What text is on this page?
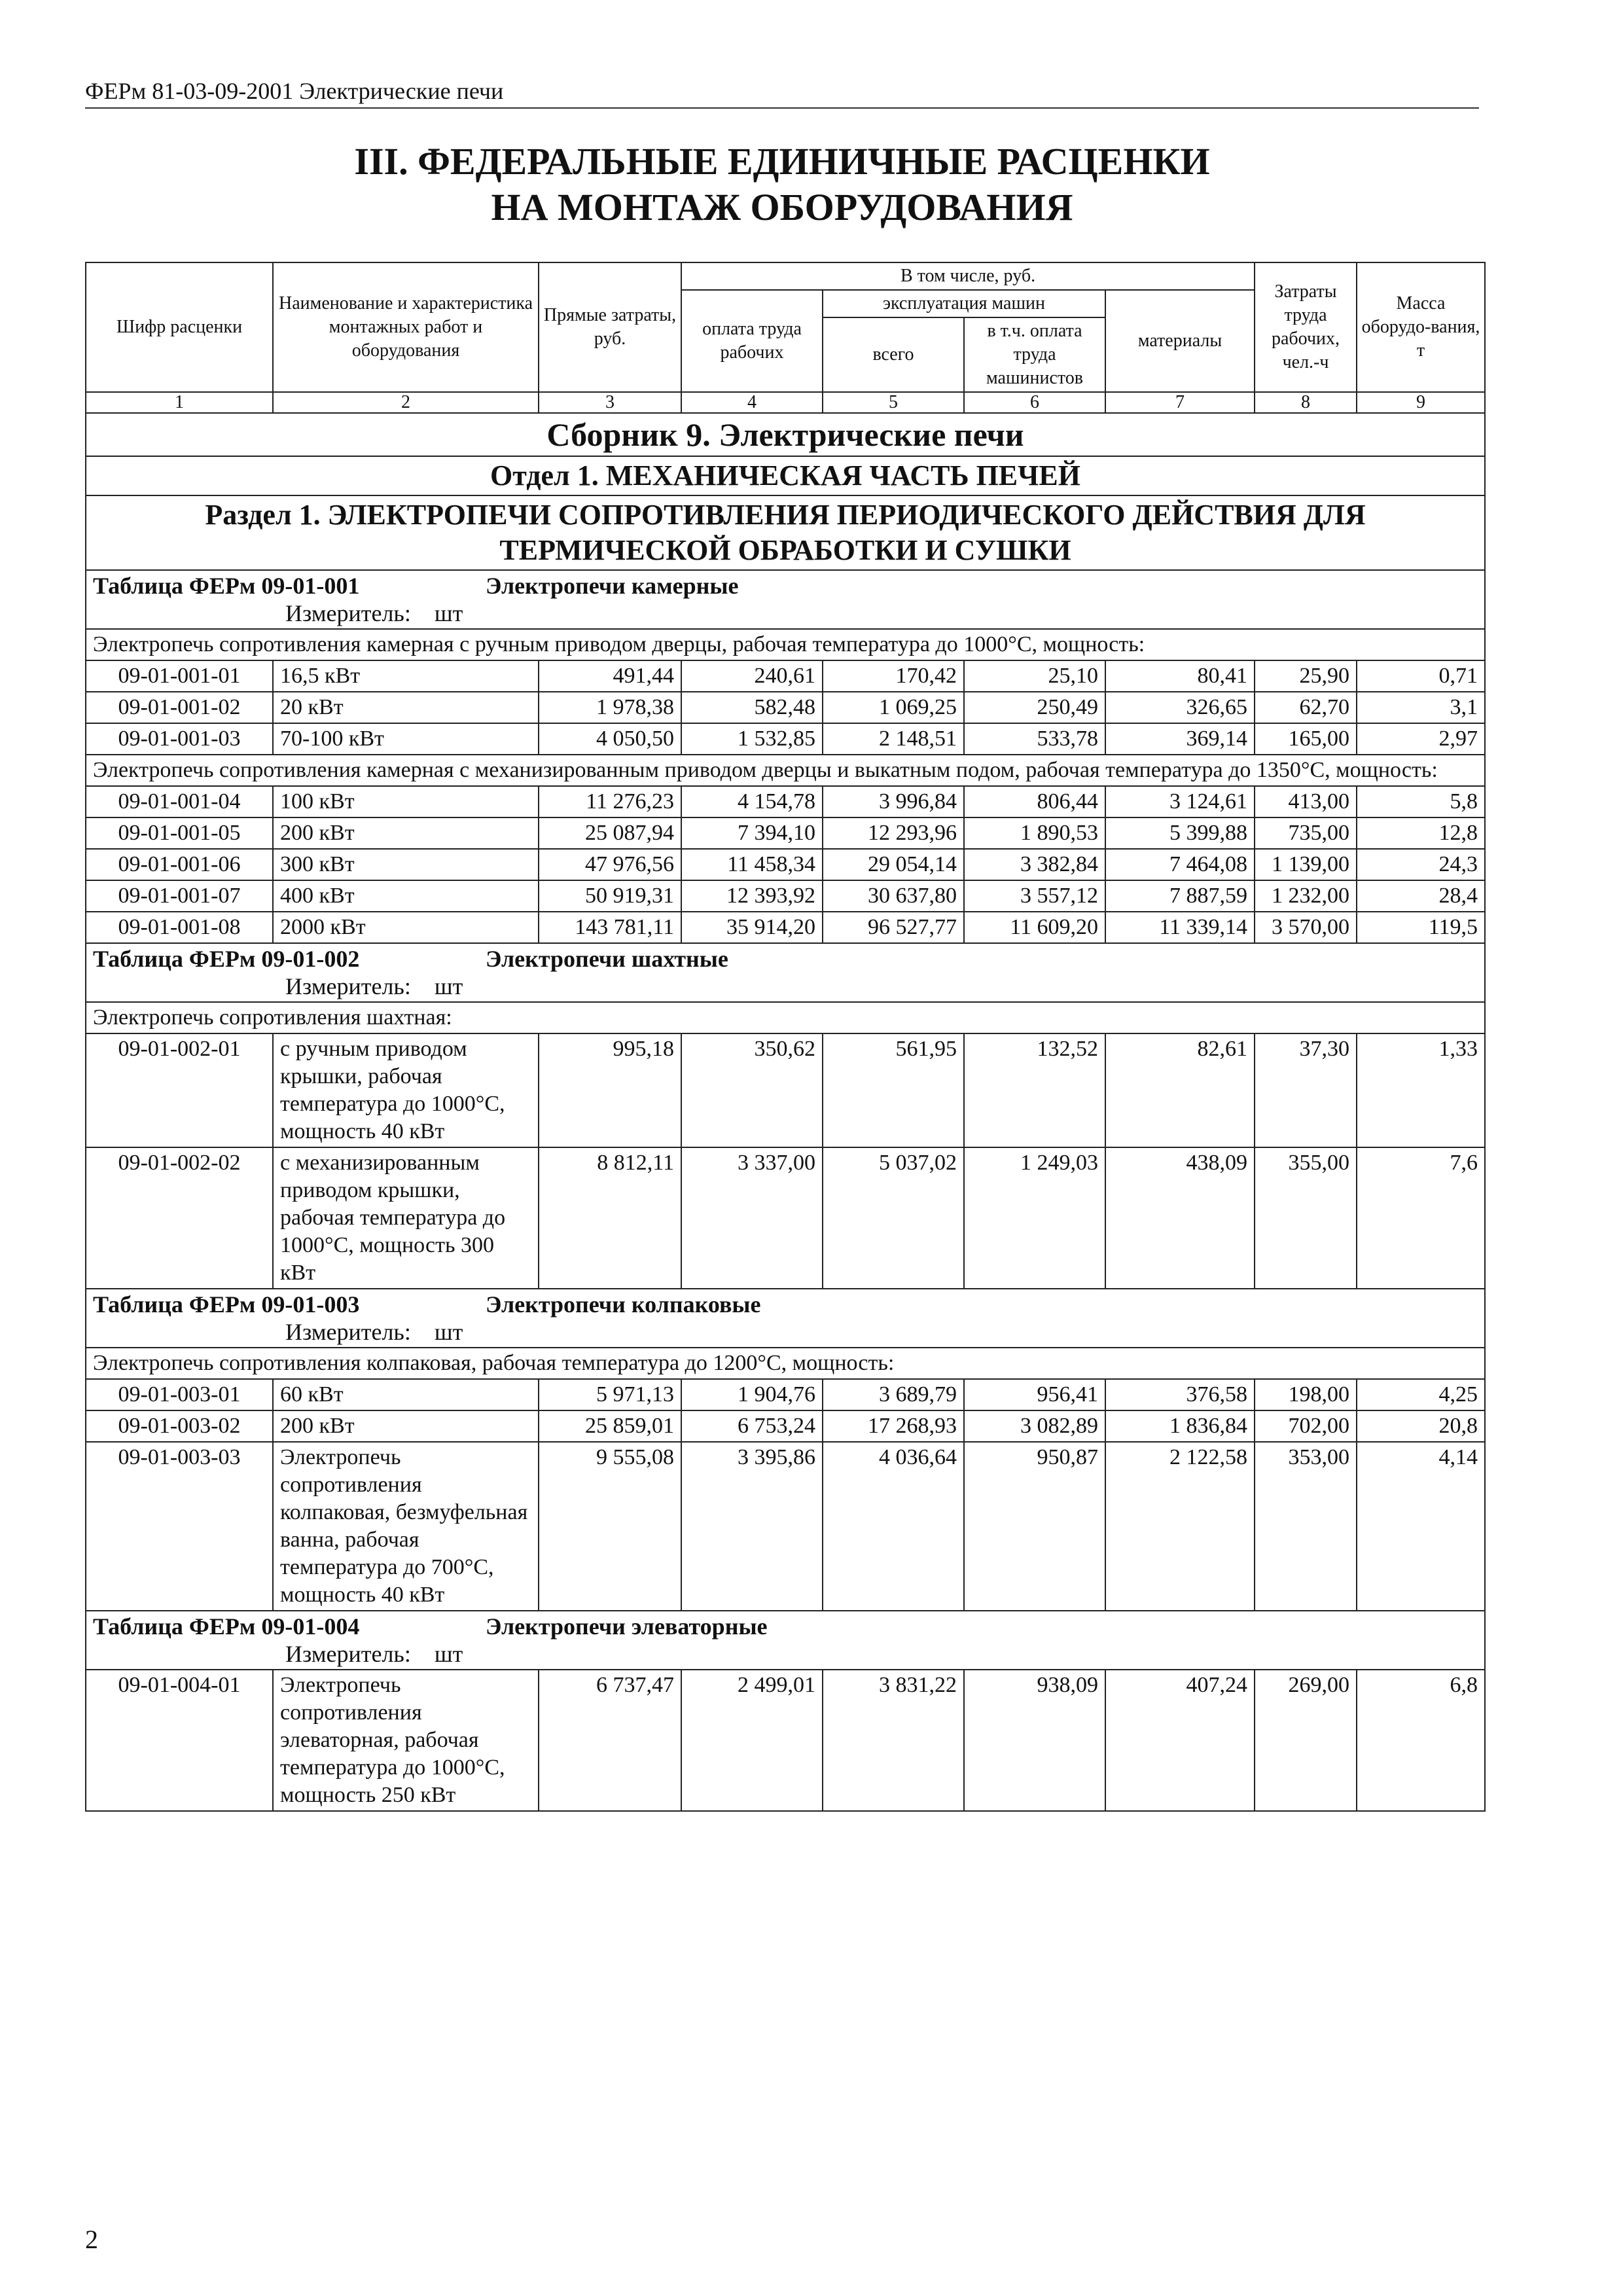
ФЕРм 81-03-09-2001 Электрические печи
III. ФЕДЕРАЛЬНЫЕ ЕДИНИЧНЫЕ РАСЦЕНКИ
НА МОНТАЖ ОБОРУДОВАНИЯ
Шифр расценки	Наименование и характеристика монтажных работ и оборудования	Прямые затраты, руб.	В том числе, руб.				Затраты труда рабочих, чел.-ч	Масса оборудо-вания, т
			оплата труда рабочих	эксплуатация машин		материалы		
				всего	в т.ч. оплата труда машинистов			
1	2	3	4	5	6	7	8	9
Сборник 9. Электрические печи								
Отдел 1. МЕХАНИЧЕСКАЯ ЧАСТЬ ПЕЧЕЙ								

Раздел 1. ЭЛЕКТРОПЕЧИ СОПРОТИВЛЕНИЯ ПЕРИОДИЧЕСКОГО ДЕЙСТВИЯ ДЛЯ
ТЕРМИЧЕСКОЙ ОБРАБОТКИ И СУШКИ								

Таблица ФЕРм 09-01-001 Электропечи камерные
Измеритель: шт								

Электропечь сопротивления камерная с ручным приводом дверцы, рабочая температура до 1000°С, мощность:								
09-01-001-01	16,5 кВт	491,44	240,61	170,42	25,10	80,41	25,90	0,71
09-01-001-02	20 кВт	1 978,38	582,48	1 069,25	250,49	326,65	62,70	3,1
09-01-001-03	70-100 кВт	4 050,50	1 532,85	2 148,51	533,78	369,14	165,00	2,97
Электропечь сопротивления камерная с механизированным приводом дверцы и выкатным подом, рабочая температура до 1350°С, мощность:								
09-01-001-04	100 кВт	11 276,23	4 154,78	3 996,84	806,44	3 124,61	413,00	5,8
09-01-001-05	200 кВт	25 087,94	7 394,10	12 293,96	1 890,53	5 399,88	735,00	12,8
09-01-001-06	300 кВт	47 976,56	11 458,34	29 054,14	3 382,84	7 464,08	1 139,00	24,3
09-01-001-07	400 кВт	50 919,31	12 393,92	30 637,80	3 557,12	7 887,59	1 232,00	28,4
09-01-001-08	2000 кВт	143 781,11	35 914,20	96 527,77	11 609,20	11 339,14	3 570,00	119,5
Таблица ФЕРм 09-01-002 Электропечи шахтные
Измеритель: шт								

Электропечь сопротивления шахтная:								
09-01-002-01	с ручным приводом крышки, рабочая температура до 1000°С, мощность 40 кВт	995,18	350,62	561,95	132,52	82,61	37,30	1,33
09-01-002-02	с механизированным приводом крышки, рабочая температура до 1000°С, мощность 300 кВт	8 812,11	3 337,00	5 037,02	1 249,03	438,09	355,00	7,6
Таблица ФЕРм 09-01-003 Электропечи колпаковые
Измеритель: шт								

Электропечь сопротивления колпаковая, рабочая температура до 1200°С, мощность:								
09-01-003-01	60 кВт	5 971,13	1 904,76	3 689,79	956,41	376,58	198,00	4,25
09-01-003-02	200 кВт	25 859,01	6 753,24	17 268,93	3 082,89	1 836,84	702,00	20,8
09-01-003-03	Электропечь сопротивления колпаковая, безмуфельная ванна, рабочая температура до 700°С, мощность 40 кВт	9 555,08	3 395,86	4 036,64	950,87	2 122,58	353,00	4,14
Таблица ФЕРм 09-01-004 Электропечи элеваторные
Измеритель: шт								

09-01-004-01	Электропечь сопротивления элеваторная, рабочая температура до 1000°С, мощность 250 кВт	6 737,47	2 499,01	3 831,22	938,09	407,24	269,00	6,8
2
